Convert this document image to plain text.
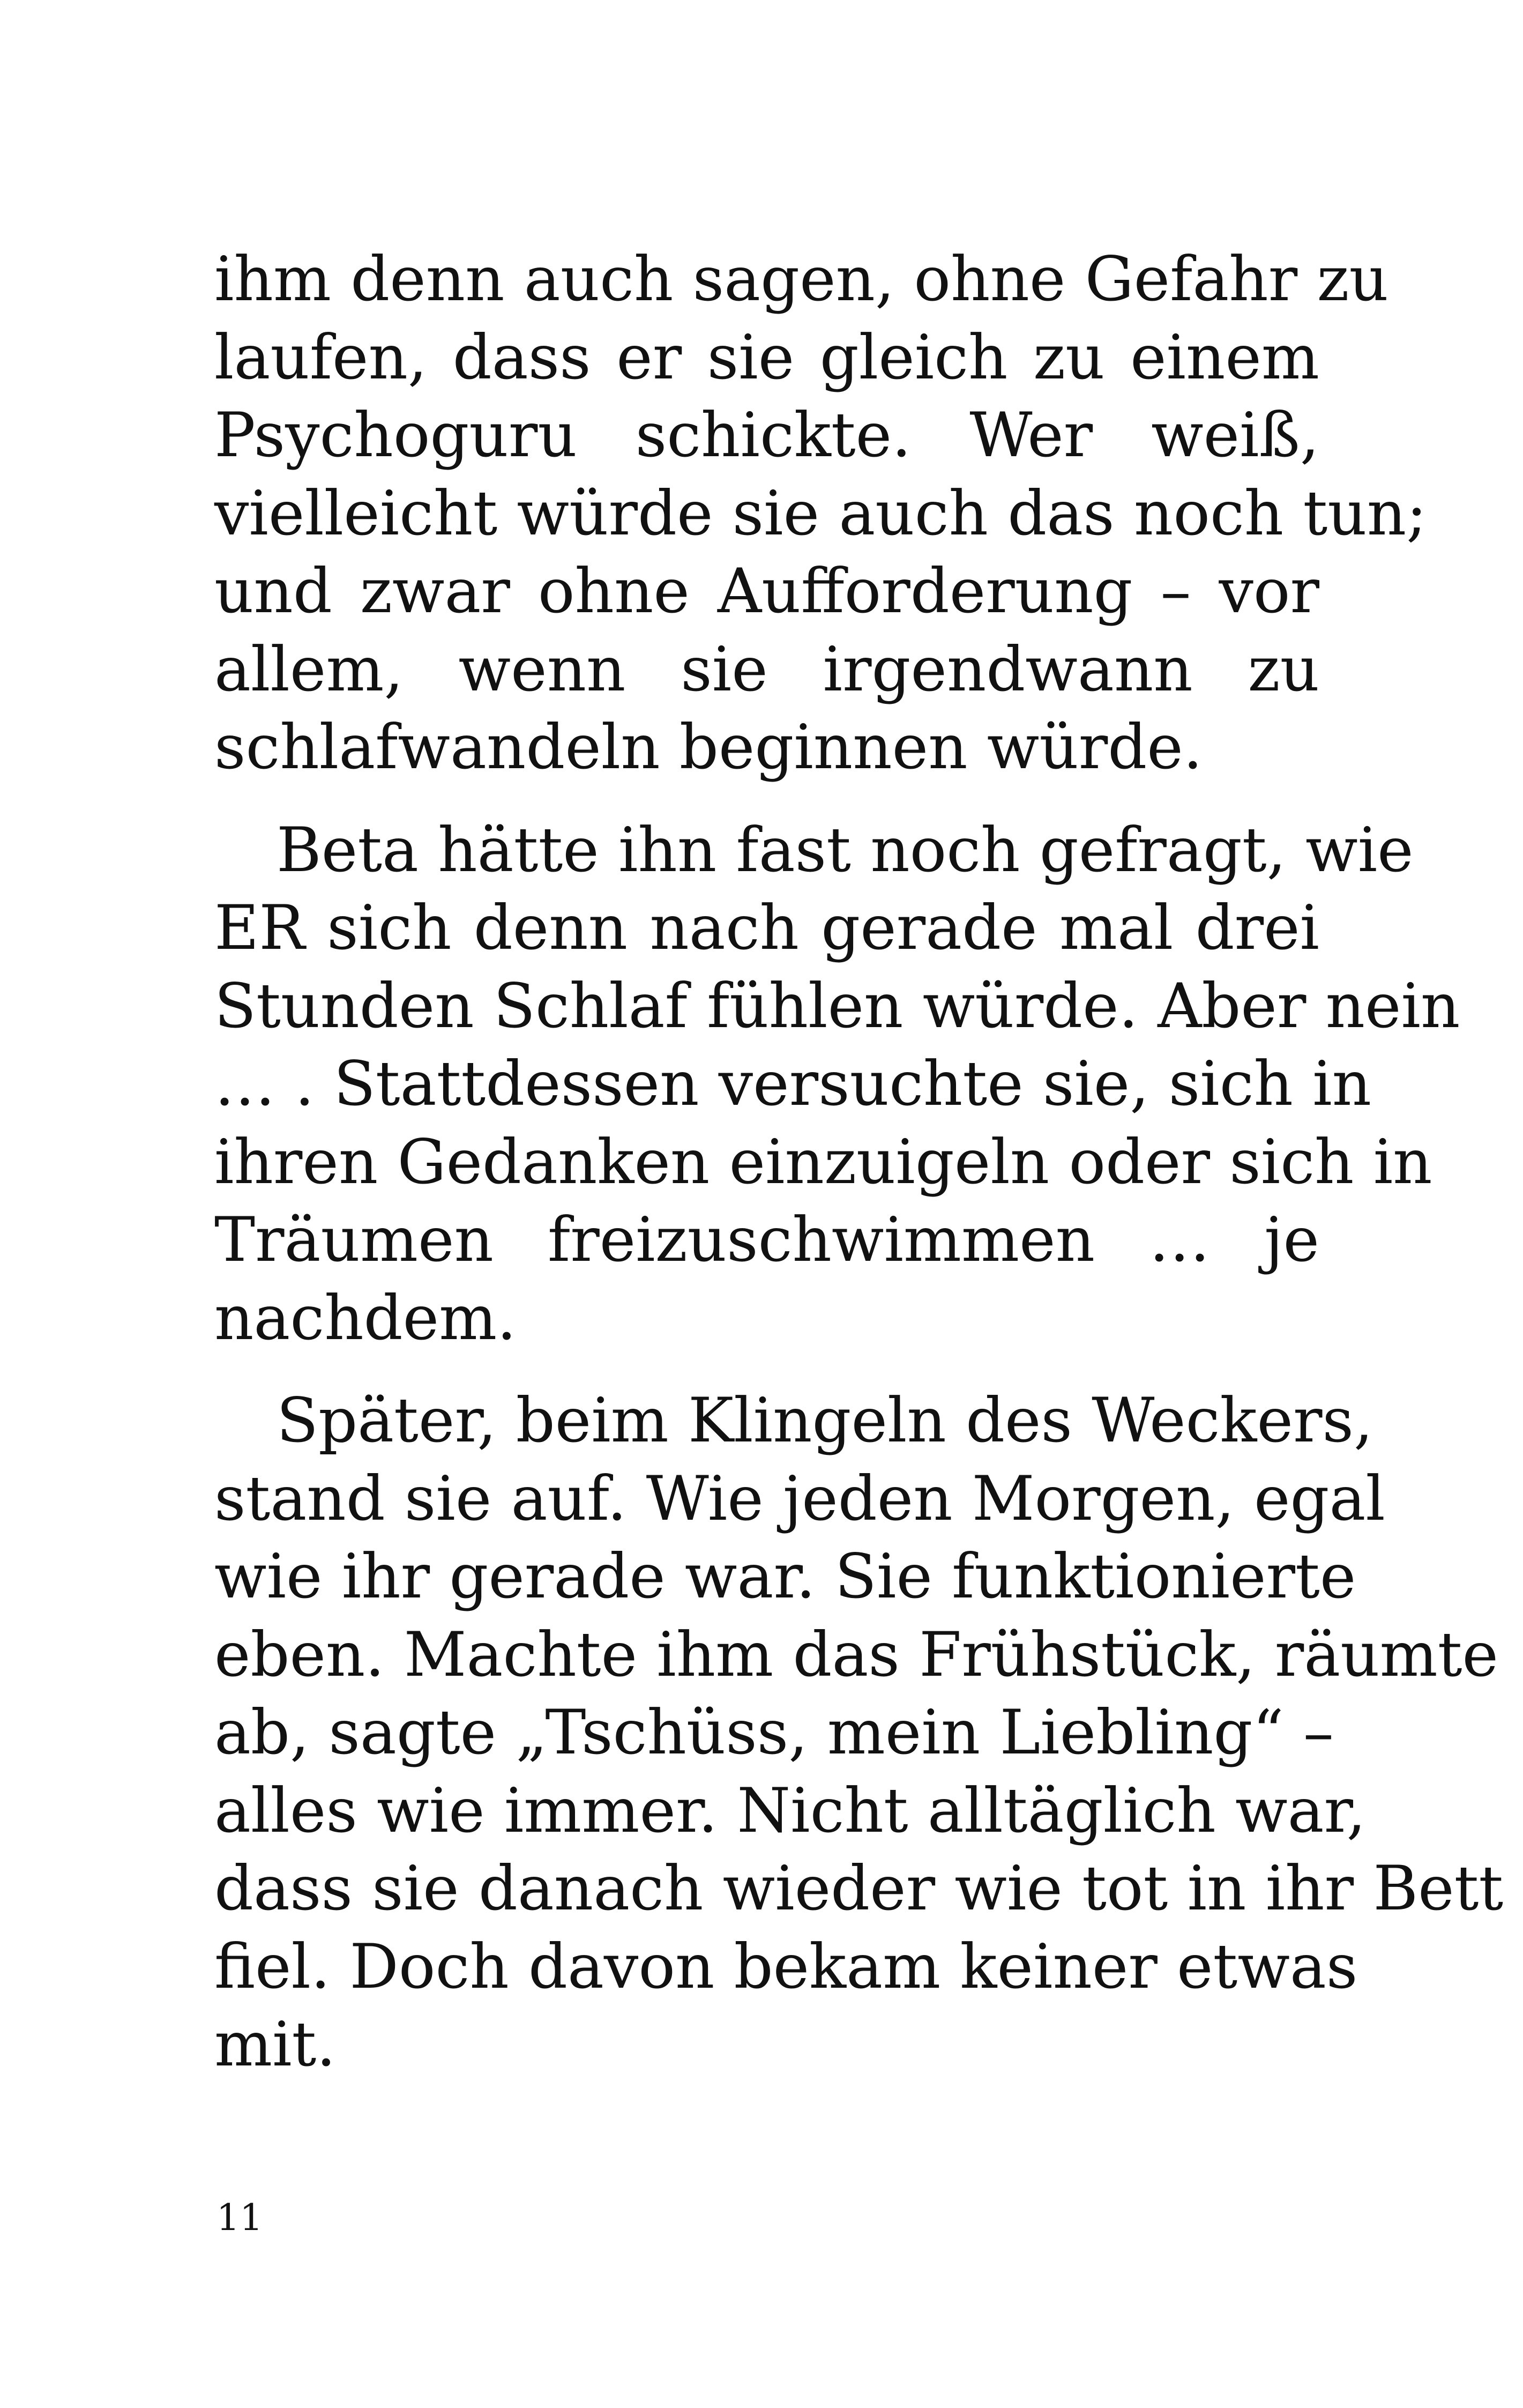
ihm denn auch sagen, ohne Gefahr zu
laufen, dass er sie gleich zu einem
Psychoguru schickte. Wer weiß,
vielleicht würde sie auch das noch tun;
und zwar ohne Aufforderung – vor
allem, wenn sie irgendwann zu
schlafwandeln beginnen würde.

Beta hätte ihn fast noch gefragt, wie
ER sich denn nach gerade mal drei
Stunden Schlaf fühlen würde. Aber nein
… . Stattdessen versuchte sie, sich in
ihren Gedanken einzuigeln oder sich in
Träumen freizuschwimmen … je
nachdem.

Später, beim Klingeln des Weckers,
stand sie auf. Wie jeden Morgen, egal
wie ihr gerade war. Sie funktionierte
eben. Machte ihm das Frühstück, räumte
ab, sagte „Tschüss, mein Liebling“ –
alles wie immer. Nicht alltäglich war,
dass sie danach wieder wie tot in ihr Bett
fiel. Doch davon bekam keiner etwas
mit.

11
